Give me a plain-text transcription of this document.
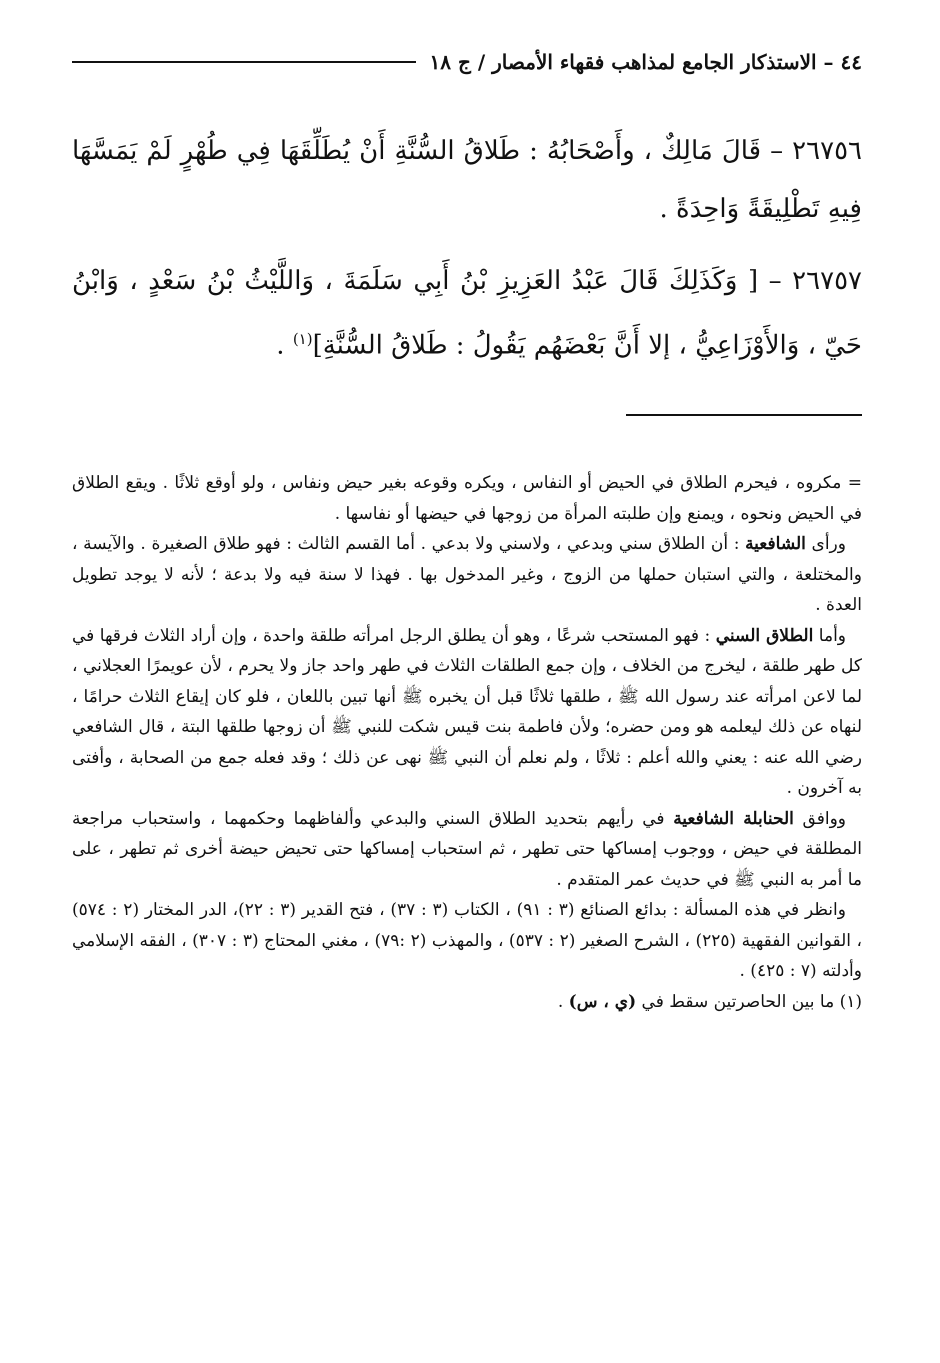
٤٤ – الاستذكار الجامع لمذاهب فقهاء الأمصار / ج ١٨

٢٦٧٥٦ – قَالَ مَالِكٌ ، وأَصْحَابُهُ : طَلاقُ السُّنَّةِ أَنْ يُطَلِّقَهَا فِي طُهْرٍ لَمْ يَمَسَّهَا فِيهِ تَطْلِيقَةً وَاحِدَةً .

٢٦٧٥٧ – [ وَكَذَلِكَ قَالَ عَبْدُ العَزِيزِ بْنُ أَبِي سَلَمَةَ ، وَاللَّيْثُ بْنُ سَعْدٍ ، وَابْنُ حَيّ ، وَالأَوْزَاعِيُّ ، إلا أَنَّ بَعْضَهُم يَقُولُ : طَلاقُ السُّنَّةِ]$^{(١)}$ .

= مكروه ، فيحرم الطلاق في الحيض أو النفاس ، ويكره وقوعه بغير حيض ونفاس ، ولو أوقع ثلاثًا . ويقع الطلاق في الحيض ونحوه ، ويمنع وإن طلبته المرأة من زوجها في حيضها أو نفاسها .

ورأى الشافعية : أن الطلاق سني وبدعي ، ولاسني ولا بدعي . أما القسم الثالث : فهو طلاق الصغيرة . والآيسة ، والمختلعة ، والتي استبان حملها من الزوج ، وغير المدخول بها . فهذا لا سنة فيه ولا بدعة ؛ لأنه لا يوجد تطويل العدة .

وأما الطلاق السني : فهو المستحب شرعًا ، وهو أن يطلق الرجل امرأته طلقة واحدة ، وإن أراد الثلاث فرقها في كل طهر طلقة ، ليخرج من الخلاف ، وإن جمع الطلقات الثلاث في طهر واحد جاز ولا يحرم ، لأن عويمرًا العجلاني ، لما لاعن امرأته عند رسول الله ﷺ ، طلقها ثلاثًا قبل أن يخبره ﷺ أنها تبين باللعان ، فلو كان إيقاع الثلاث حرامًا ، لنهاه عن ذلك ليعلمه هو ومن حضره؛ ولأن فاطمة بنت قيس شكت للنبي ﷺ أن زوجها طلقها البتة ، قال الشافعي رضي الله عنه : يعني والله أعلم : ثلاثًا ، ولم نعلم أن النبي ﷺ نهى عن ذلك ؛ وقد فعله جمع من الصحابة ، وأفتى به آخرون .

ووافق الحنابلة الشافعية في رأيهم بتحديد الطلاق السني والبدعي وألفاظهما وحكمهما ، واستحباب مراجعة المطلقة في حيض ، ووجوب إمساكها حتى تطهر ، ثم استحباب إمساكها حتى تحيض حيضة أخرى ثم تطهر ، على ما أمر به النبي ﷺ في حديث عمر المتقدم .

وانظر في هذه المسألة : بدائع الصنائع (٣ : ٩١) ، الكتاب (٣ : ٣٧) ، فتح القدير (٣ : ٢٢)، الدر المختار (٢ : ٥٧٤) ، القوانين الفقهية (٢٢٥) ، الشرح الصغير (٢ : ٥٣٧) ، والمهذب (٢ :٧٩) ، مغني المحتاج (٣ : ٣٠٧) ، الفقه الإسلامي وأدلته (٧ : ٤٢٥) .

(١) ما بين الحاصرتين سقط في (ي ، س) .
